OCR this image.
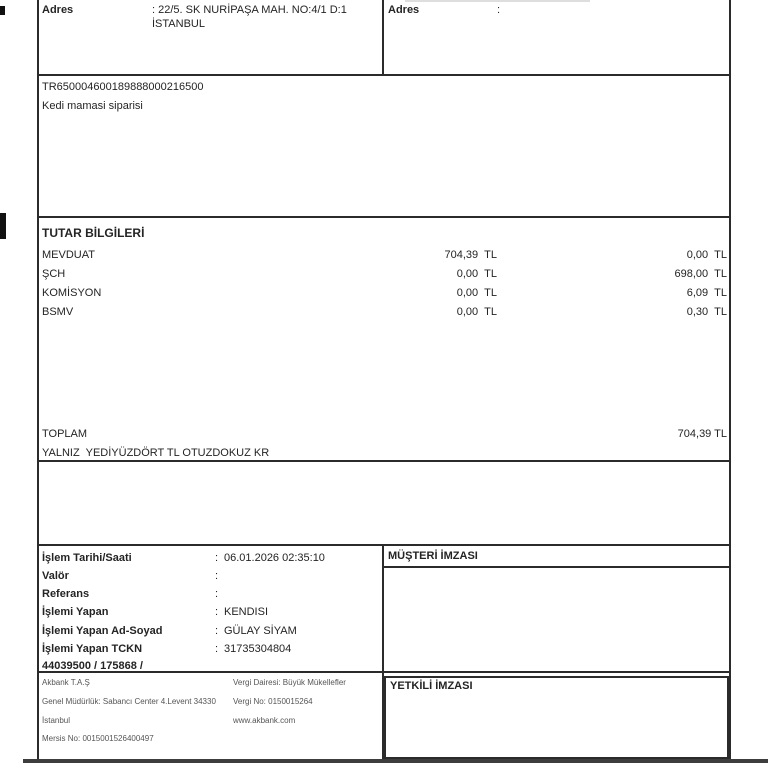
Adres	: 22/5. SK NURİPAŞA MAH. NO:4/1 D:1
İSTANBUL
Adres	:
TR650004600189888000216500
Kedi mamasi siparisi
TUTAR BİLGİLERİ
MEVDUAT	704,39 TL	0,00 TL
ŞCH	0,00 TL	698,00 TL
KOMİSYON	0,00 TL	6,09 TL
BSMV	0,00 TL	0,30 TL
TOPLAM	704,39 TL
YALNIZ  YEDİYÜZDÖRT TL OTUZDOKUZ KR
İşlem Tarihi/Saati	: 06.01.2026 02:35:10
Valör	:
Referans	:
İşlemi Yapan	: KENDISI
İşlemi Yapan Ad-Soyad	: GÜLAY SİYAM
İşlemi Yapan TCKN	: 31735304804
44039500 / 175868 /
MÜŞTERİ İMZASI
YETKİLİ İMZASI
Akbank T.A.Ş	Vergi Dairesi: Büyük Mükellefler
Genel Müdürlük: Sabancı Center 4.Levent 34330 Vergi No: 0150015264
İstanbul	www.akbank.com
Mersis No: 0015001526400497
